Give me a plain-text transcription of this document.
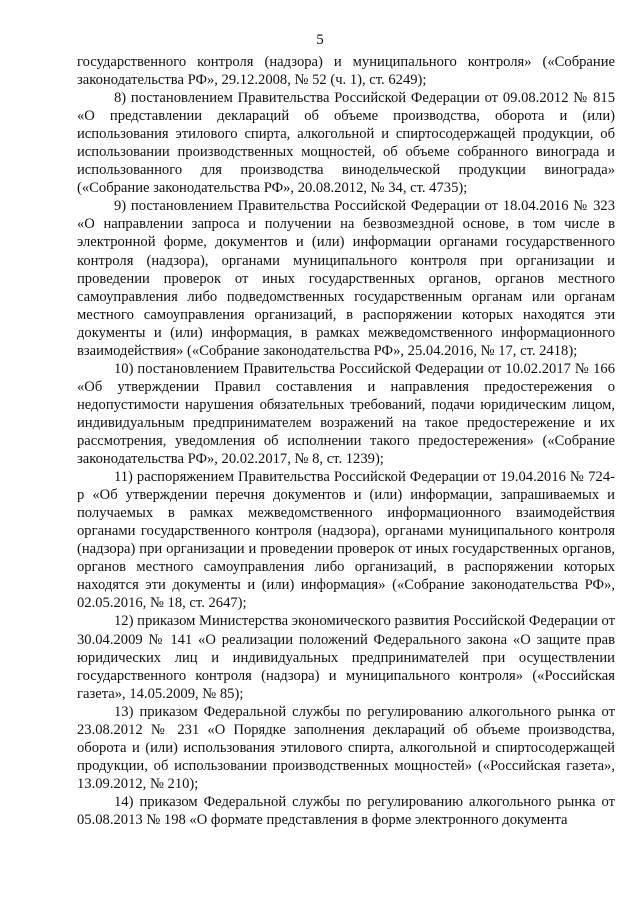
5

государственного контроля (надзора) и муниципального контроля» («Собрание законодательства РФ», 29.12.2008, № 52 (ч. 1), ст. 6249);

8) постановлением Правительства Российской Федерации от 09.08.2012 № 815 «О представлении деклараций об объеме производства, оборота и (или) использования этилового спирта, алкогольной и спиртосодержащей продукции, об использовании производственных мощностей, об объеме собранного винограда и использованного для производства винодельческой продукции винограда» («Собрание законодательства РФ», 20.08.2012, № 34, ст. 4735);

9) постановлением Правительства Российской Федерации от 18.04.2016 № 323 «О направлении запроса и получении на безвозмездной основе, в том числе в электронной форме, документов и (или) информации органами государственного контроля (надзора), органами муниципального контроля при организации и проведении проверок от иных государственных органов, органов местного самоуправления либо подведомственных государственным органам или органам местного самоуправления организаций, в распоряжении которых находятся эти документы и (или) информация, в рамках межведомственного информационного взаимодействия» («Собрание законодательства РФ», 25.04.2016, № 17, ст. 2418);

10) постановлением Правительства Российской Федерации от 10.02.2017 № 166 «Об утверждении Правил составления и направления предостережения о недопустимости нарушения обязательных требований, подачи юридическим лицом, индивидуальным предпринимателем возражений на такое предостережение и их рассмотрения, уведомления об исполнении такого предостережения» («Собрание законодательства РФ», 20.02.2017, № 8, ст. 1239);

11) распоряжением Правительства Российской Федерации от 19.04.2016 № 724-р «Об утверждении перечня документов и (или) информации, запрашиваемых и получаемых в рамках межведомственного информационного взаимодействия органами государственного контроля (надзора), органами муниципального контроля (надзора) при организации и проведении проверок от иных государственных органов, органов местного самоуправления либо организаций, в распоряжении которых находятся эти документы и (или) информация» («Собрание законодательства РФ», 02.05.2016, № 18, ст. 2647);

12) приказом Министерства экономического развития Российской Федерации от 30.04.2009 № 141 «О реализации положений Федерального закона «О защите прав юридических лиц и индивидуальных предпринимателей при осуществлении государственного контроля (надзора) и муниципального контроля» («Российская газета», 14.05.2009, № 85);

13) приказом Федеральной службы по регулированию алкогольного рынка от 23.08.2012 № 231 «О Порядке заполнения деклараций об объеме производства, оборота и (или) использования этилового спирта, алкогольной и спиртосодержащей продукции, об использовании производственных мощностей» («Российская газета», 13.09.2012, № 210);

14) приказом Федеральной службы по регулированию алкогольного рынка от 05.08.2013 № 198 «О формате представления в форме электронного документа
